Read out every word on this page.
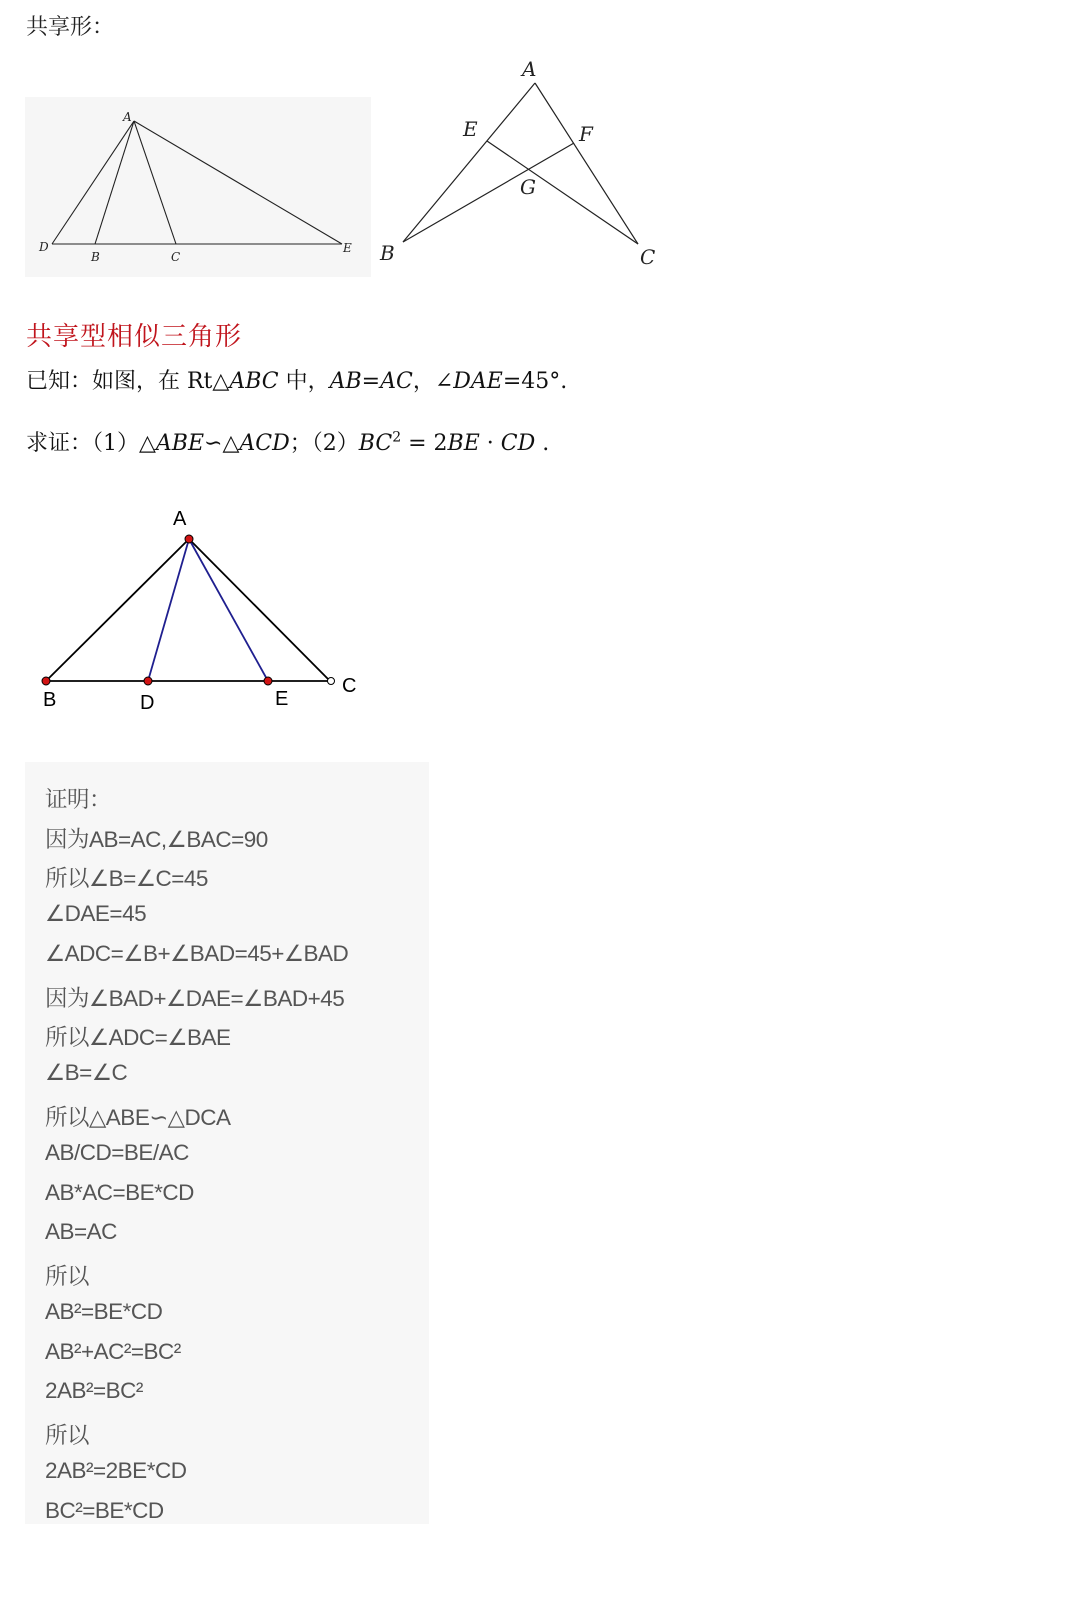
共享形：
A
D
B	C
E
A
E	F
G
B	C
共享型相似三角形
已知：如图，在 Rt△ABC 中，AB=AC，∠DAE=45°.
求证：（1）△ABE∽△ACD；$(2)BC^2 = 2BE$ · CD .
A
B	D	E
C
证明：
因为AB=AC,∠BAC=90
所以∠B=∠C=45
∠DAE=45
∠ADC=∠B+∠BAD=45+∠BAD
因为∠BAD+∠DAE=∠BAD+45
所以∠ADC=∠BAE
∠B=∠C
所以△ABE∽△DCA
AB/CD=BE/AC
AB*AC=BE*CD
AB=AC
所以
AB²=BE*CD
AB²+AC²=BC²
2AB²=BC²
所以
2AB²=2BE*CD
BC²=BE*CD
